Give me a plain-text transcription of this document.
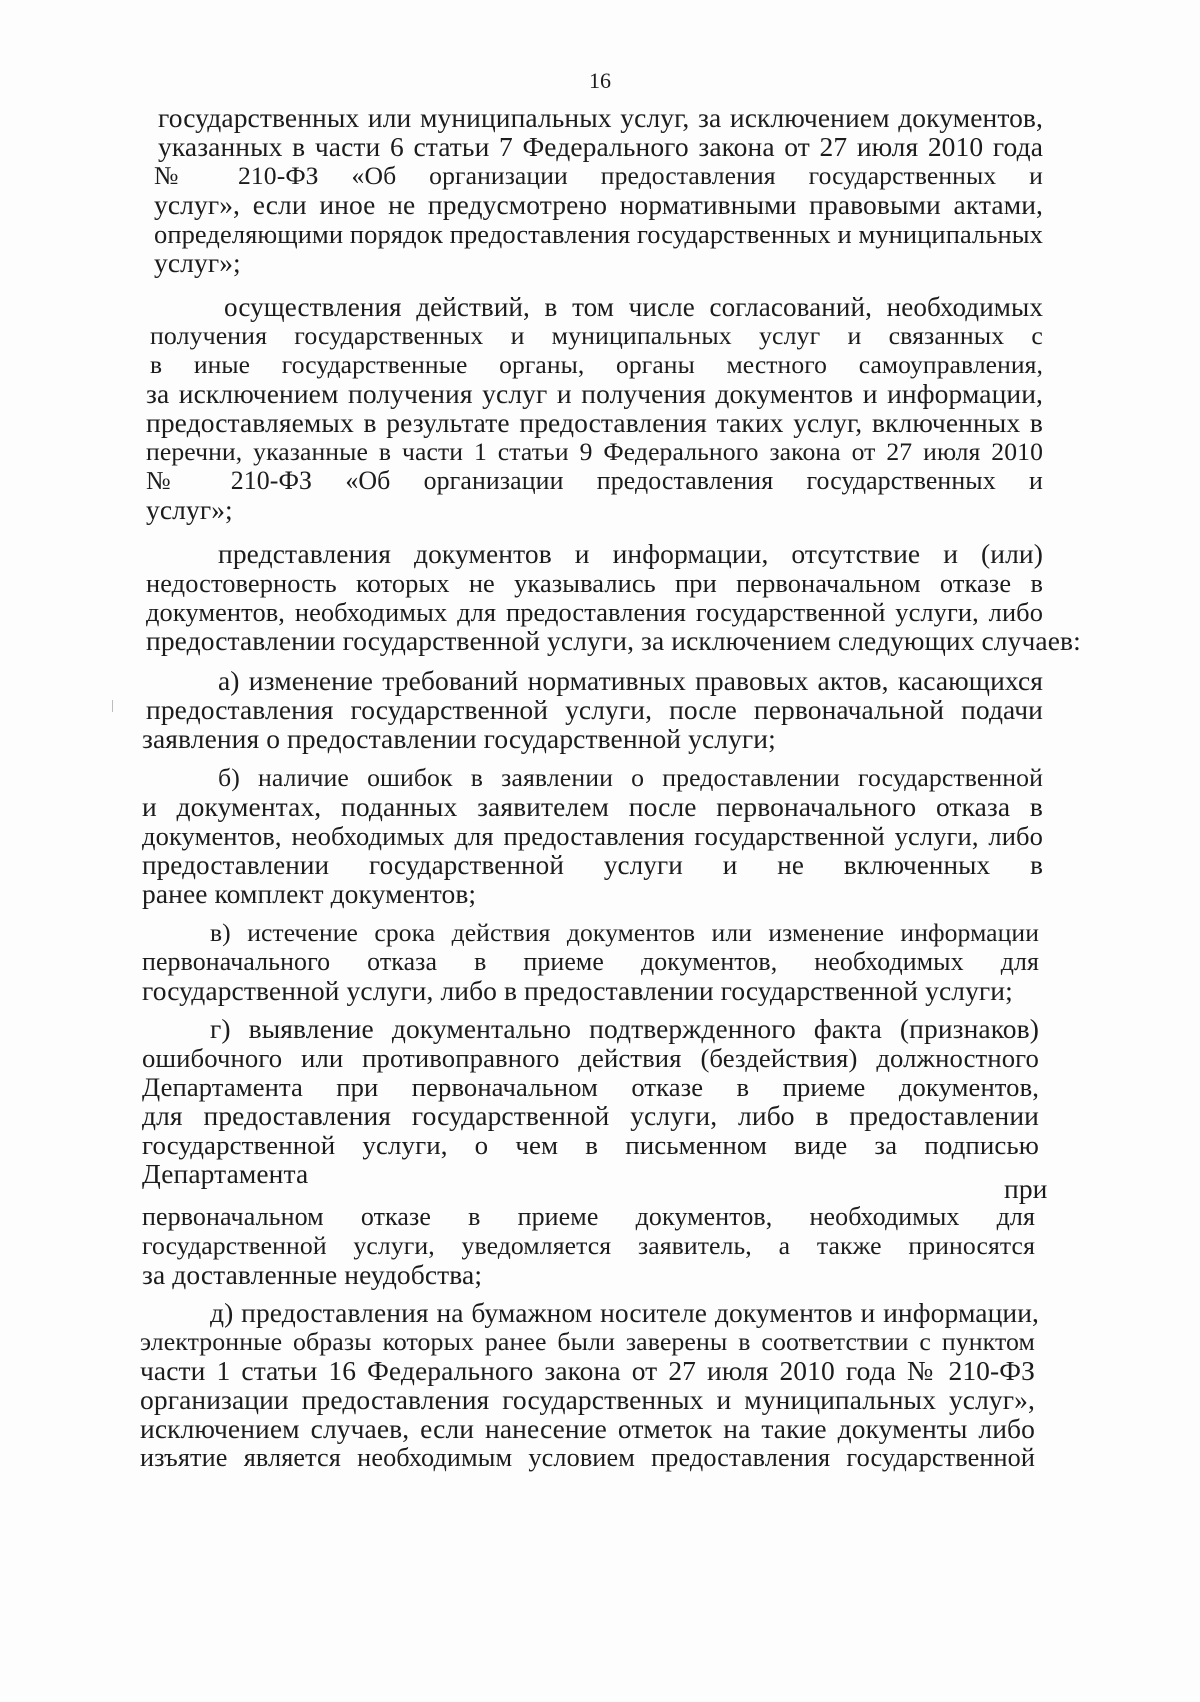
16
государственных или муниципальных услуг, за исключением документов,
указанных в части 6 статьи 7 Федерального закона от 27 июля 2010 года
№ 210-ФЗ «Об организации предоставления государственных и
услуг», если иное не предусмотрено нормативными правовыми актами,
определяющими порядок предоставления государственных и муниципальных
услуг»;
осуществления действий, в том числе согласований, необходимых
получения государственных и муниципальных услуг и связанных с
в иные государственные органы, органы местного самоуправления,
за исключением получения услуг и получения документов и информации,
предоставляемых в результате предоставления таких услуг, включенных в
перечни, указанные в части 1 статьи 9 Федерального закона от 27 июля 2010
№ 210-ФЗ «Об организации предоставления государственных и
услуг»;
представления документов и информации, отсутствие и (или)
недостоверность которых не указывались при первоначальном отказе в
документов, необходимых для предоставления государственной услуги, либо
предоставлении государственной услуги, за исключением следующих случаев:
а) изменение требований нормативных правовых актов, касающихся
предоставления государственной услуги, после первоначальной подачи
заявления о предоставлении государственной услуги;
б) наличие ошибок в заявлении о предоставлении государственной
и документах, поданных заявителем после первоначального отказа в
документов, необходимых для предоставления государственной услуги, либо
предоставлении государственной услуги и не включенных в
ранее комплект документов;
в) истечение срока действия документов или изменение информации
первоначального отказа в приеме документов, необходимых для
государственной услуги, либо в предоставлении государственной услуги;
г) выявление документально подтвержденного факта (признаков)
ошибочного или противоправного действия (бездействия) должностного
Департамента при первоначальном отказе в приеме документов,
для предоставления государственной услуги, либо в предоставлении
государственной услуги, о чем в письменном виде за подписью
Департамента	при
первоначальном отказе в приеме документов, необходимых для
государственной услуги, уведомляется заявитель, а также приносятся
за доставленные неудобства;
д) предоставления на бумажном носителе документов и информации,
электронные образы которых ранее были заверены в соответствии с пунктом
части 1 статьи 16 Федерального закона от 27 июля 2010 года № 210-ФЗ
организации предоставления государственных и муниципальных услуг»,
исключением случаев, если нанесение отметок на такие документы либо
изъятие является необходимым условием предоставления государственной
